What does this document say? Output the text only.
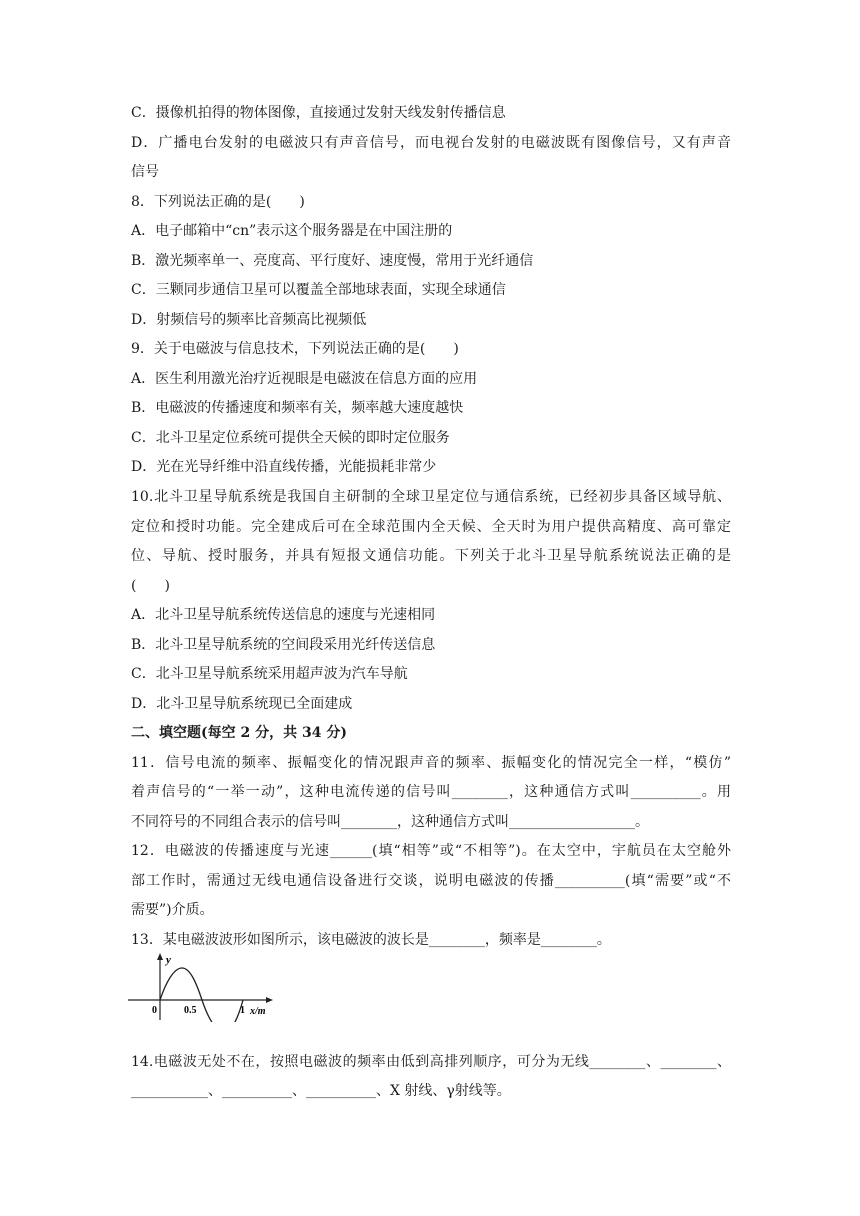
C．摄像机拍得的物体图像，直接通过发射天线发射传播信息
D．广播电台发射的电磁波只有声音信号，而电视台发射的电磁波既有图像信号，又有声音
信号
8．下列说法正确的是(　　)
A．电子邮箱中“cn”表示这个服务器是在中国注册的
B．激光频率单一、亮度高、平行度好、速度慢，常用于光纤通信
C．三颗同步通信卫星可以覆盖全部地球表面，实现全球通信
D．射频信号的频率比音频高比视频低
9．关于电磁波与信息技术，下列说法正确的是(　　)
A．医生利用激光治疗近视眼是电磁波在信息方面的应用
B．电磁波的传播速度和频率有关，频率越大速度越快
C．北斗卫星定位系统可提供全天候的即时定位服务
D．光在光导纤维中沿直线传播，光能损耗非常少
10.北斗卫星导航系统是我国自主研制的全球卫星定位与通信系统，已经初步具备区域导航、
定位和授时功能。完全建成后可在全球范围内全天候、全天时为用户提供高精度、高可靠定
位、导航、授时服务，并具有短报文通信功能。下列关于北斗卫星导航系统说法正确的是
(　　)
A．北斗卫星导航系统传送信息的速度与光速相同
B．北斗卫星导航系统的空间段采用光纤传送信息
C．北斗卫星导航系统采用超声波为汽车导航
D．北斗卫星导航系统现已全面建成
二、填空题(每空 2 分，共 34 分)
11．信号电流的频率、振幅变化的情况跟声音的频率、振幅变化的情况完全一样，“模仿”
着声信号的“一举一动”，这种电流传递的信号叫________，这种通信方式叫__________。用
不同符号的不同组合表示的信号叫________，这种通信方式叫__________________。
12．电磁波的传播速度与光速______(填“相等”或“不相等”)。在太空中，宇航员在太空舱外
部工作时，需通过无线电通信设备进行交谈，说明电磁波的传播__________(填“需要”或“不
需要”)介质。
13．某电磁波波形如图所示，该电磁波的波长是________，频率是________。
y
0	0.5	1 x/m
14.电磁波无处不在，按照电磁波的频率由低到高排列顺序，可分为无线________、________、
___________、__________、__________、X 射线、γ射线等。
